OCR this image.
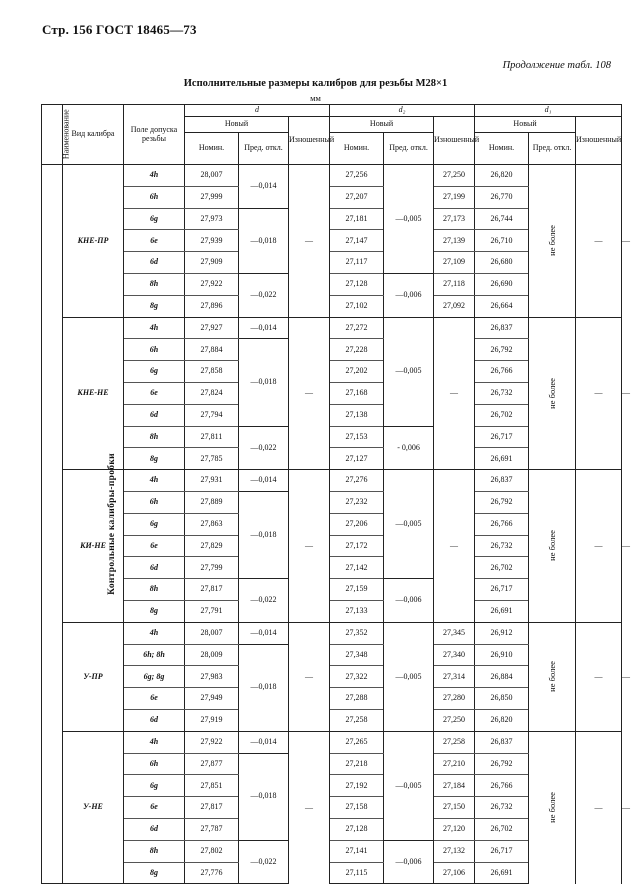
Стр. 156 ГОСТ 18465—73
Продолжение табл. 108
Исполнительные размеры калибров для резьбы М28×1
мм
Наименование	Вид калибра	Поле допуска резьбы	d			d₂			d₁			
			Новый		Изношенный	Новый		Изношенный	Новый		Изношенный	
			Номин.	Пред. откл.		Номин.	Пред. откл.		Номин.	Пред. откл.		
Контрольные калибры-пробки	КНЕ-ПР	4h	28,007	—0,014	—	27,256	—0,005	27,250	26,820	не более	—	—
		6h	27,999			27,207		27,199	26,770			
		6g	27,973	—0,018		27,181		27,173	26,744			
		6e	27,939			27,147		27,139	26,710			
		6d	27,909			27,117		27,109	26,680			
		8h	27,922	—0,022		27,128	—0,006	27,118	26,690			
		8g	27,896			27,102		27,092	26,664			
	КНЕ-НЕ	4h	27,927	—0,014	—	27,272	—0,005	—	26,837	не более	—	—
		6h	27,884	—0,018		27,228			26,792			
		6g	27,858			27,202			26,766			
		6e	27,824			27,168			26,732			
		6d	27,794			27,138			26,702			
		8h	27,811	—0,022		27,153	- 0,006		26,717			
		8g	27,785			27,127			26,691			
	КИ-НЕ	4h	27,931	—0,014	—	27,276	—0,005	—	26,837	не более	—	—
		6h	27,889	—0,018		27,232			26,792			
		6g	27,863			27,206			26,766			
		6e	27,829			27,172			26,732			
		6d	27,799			27,142			26,702			
		8h	27,817	—0,022		27,159	—0,006		26,717			
		8g	27,791			27,133			26,691			
	У-ПР	4h	28,007	—0,014	—	27,352	—0,005	27,345	26,912	не более	—	—
		6h; 8h	28,009	—0,018		27,348		27,340	26,910			
		6g; 8g	27,983			27,322		27,314	26,884			
		6e	27,949			27,288		27,280	26,850			
		6d	27,919			27,258		27,250	26,820			
	У-НЕ	4h	27,922	—0,014	—	27,265	—0,005	27,258	26,837	не более	—	—
		6h	27,877	—0,018		27,218		27,210	26,792			
		6g	27,851			27,192		27,184	26,766			
		6e	27,817			27,158		27,150	26,732			
		6d	27,787			27,128		27,120	26,702			
		8h	27,802	—0,022		27,141	—0,006	27,132	26,717			
		8g	27,776			27,115		27,106	26,691			
